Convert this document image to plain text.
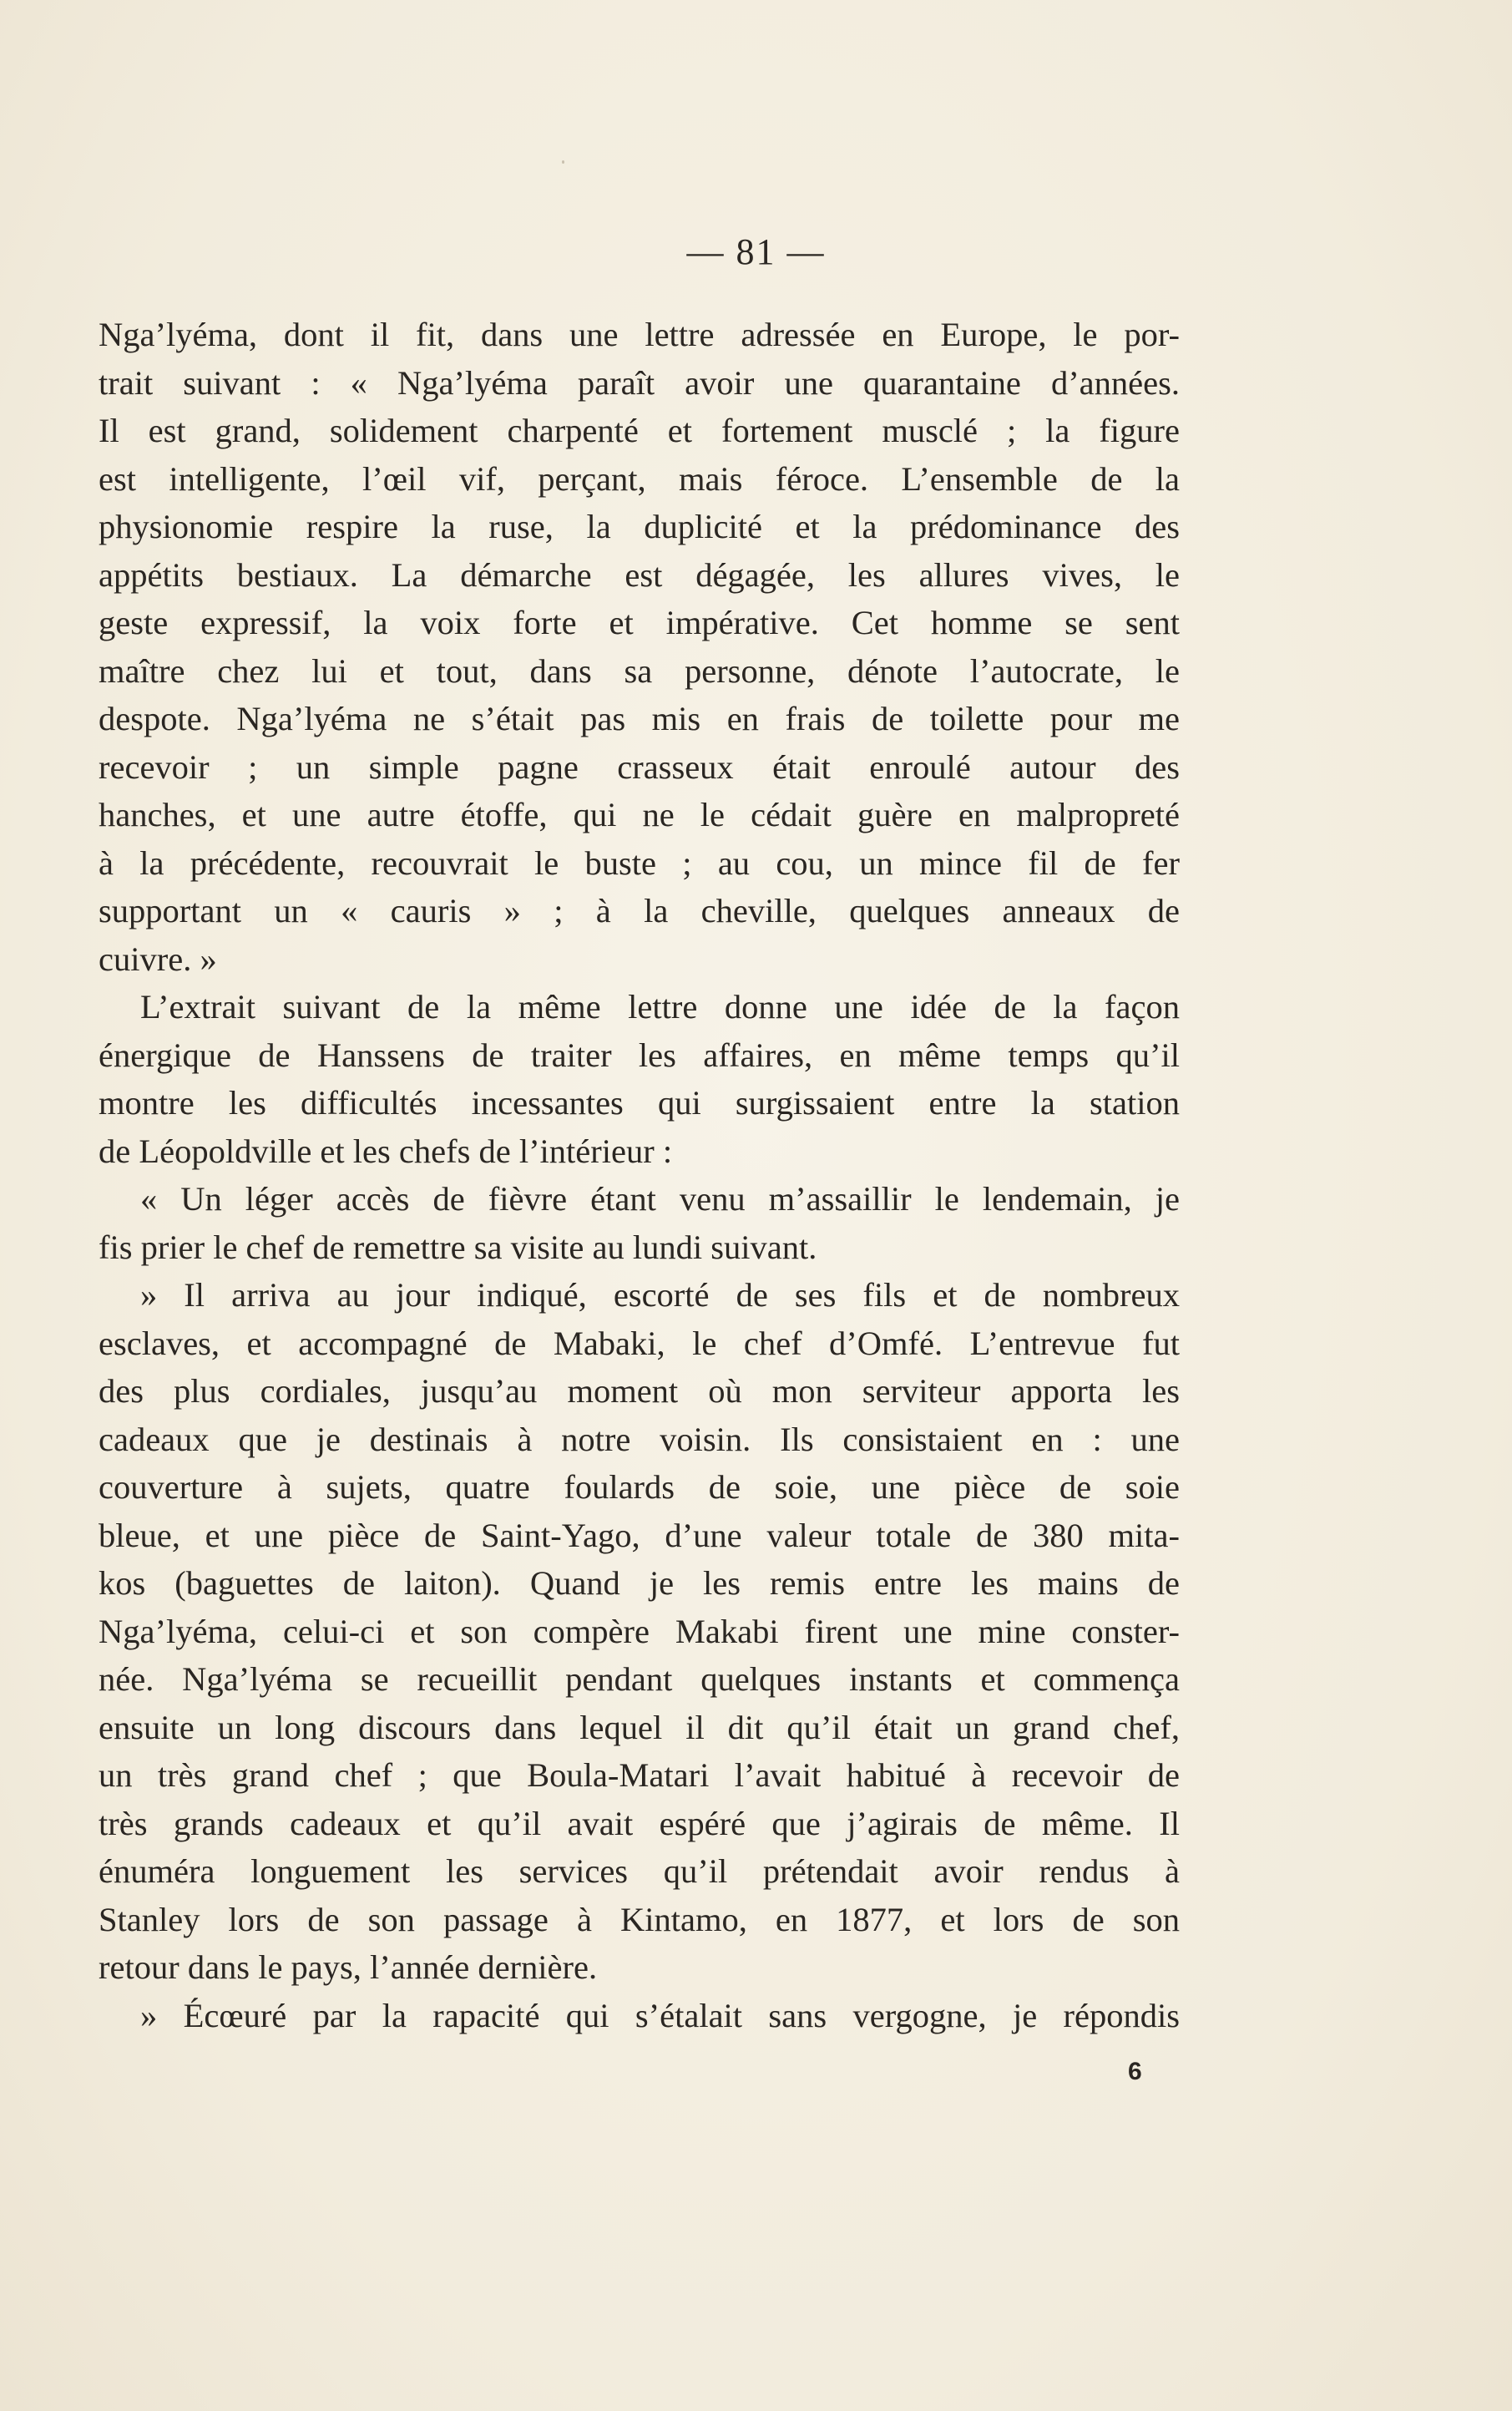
— 81 —
Nga’lyéma, dont il fit, dans une lettre adressée en Europe, le por-
trait suivant : « Nga’lyéma paraît avoir une quarantaine d’années.
Il est grand, solidement charpenté et fortement musclé ; la figure
est intelligente, l’œil vif, perçant, mais féroce. L’ensemble de la
physionomie respire la ruse, la duplicité et la prédominance des
appétits bestiaux. La démarche est dégagée, les allures vives, le
geste expressif, la voix forte et impérative. Cet homme se sent
maître chez lui et tout, dans sa personne, dénote l’autocrate, le
despote. Nga’lyéma ne s’était pas mis en frais de toilette pour me
recevoir ; un simple pagne crasseux était enroulé autour des
hanches, et une autre étoffe, qui ne le cédait guère en malpropreté
à la précédente, recouvrait le buste ; au cou, un mince fil de fer
supportant un « cauris » ; à la cheville, quelques anneaux de
cuivre. »
L’extrait suivant de la même lettre donne une idée de la façon
énergique de Hanssens de traiter les affaires, en même temps qu’il
montre les difficultés incessantes qui surgissaient entre la station
de Léopoldville et les chefs de l’intérieur :
« Un léger accès de fièvre étant venu m’assaillir le lendemain, je
fis prier le chef de remettre sa visite au lundi suivant.
» Il arriva au jour indiqué, escorté de ses fils et de nombreux
esclaves, et accompagné de Mabaki, le chef d’Omfé. L’entrevue fut
des plus cordiales, jusqu’au moment où mon serviteur apporta les
cadeaux que je destinais à notre voisin. Ils consistaient en : une
couverture à sujets, quatre foulards de soie, une pièce de soie
bleue, et une pièce de Saint-Yago, d’une valeur totale de 380 mita-
kos (baguettes de laiton). Quand je les remis entre les mains de
Nga’lyéma, celui-ci et son compère Makabi firent une mine conster-
née. Nga’lyéma se recueillit pendant quelques instants et commença
ensuite un long discours dans lequel il dit qu’il était un grand chef,
un très grand chef ; que Boula-Matari l’avait habitué à recevoir de
très grands cadeaux et qu’il avait espéré que j’agirais de même. Il
énuméra longuement les services qu’il prétendait avoir rendus à
Stanley lors de son passage à Kintamo, en 1877, et lors de son
retour dans le pays, l’année dernière.
» Écœuré par la rapacité qui s’étalait sans vergogne, je répondis
6
